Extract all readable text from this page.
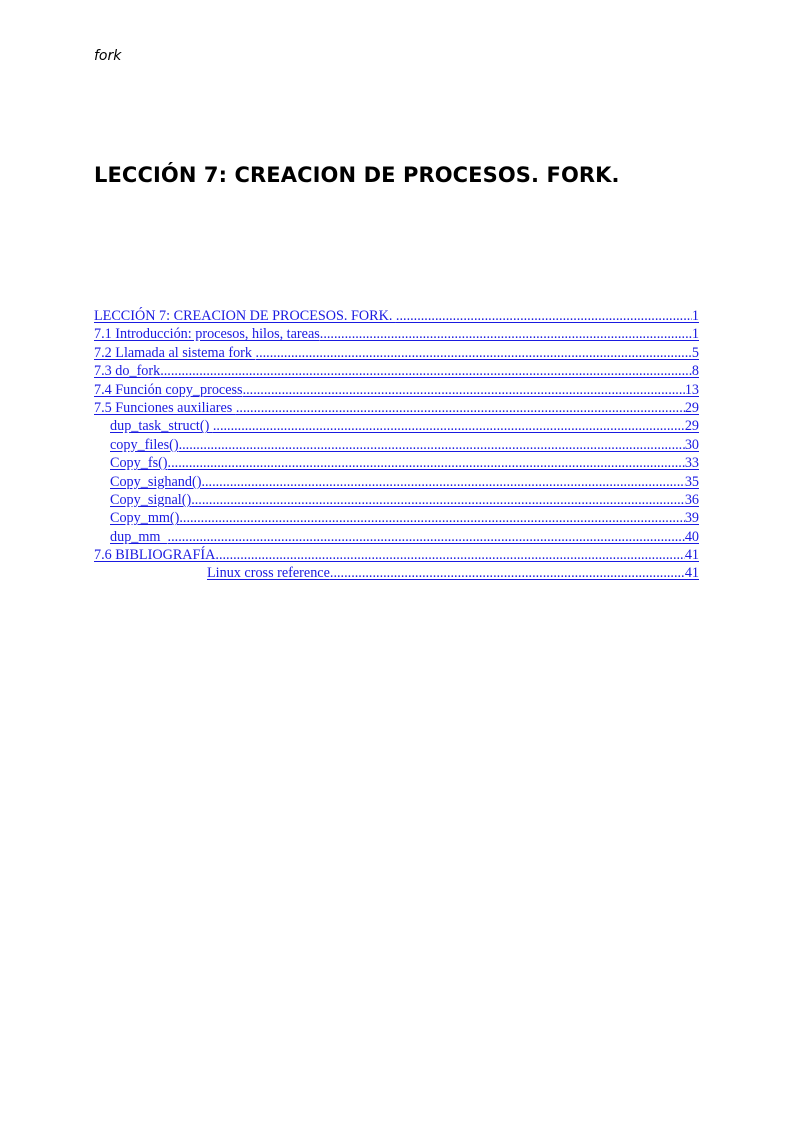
fork
LECCIÓN 7: CREACION DE PROCESOS. FORK.
LECCIÓN 7: CREACION DE PROCESOS. FORK. .....	1
7.1 Introducción: procesos, hilos, tareas .....	1
7.2 Llamada al sistema fork .....	5
7.3 do_fork .....	8
7.4 Función copy_process .....	13
7.5 Funciones auxiliares .....	29
dup_task_struct() .....	29
copy_files() .....	30
Copy_fs() .....	33
Copy_sighand() .....	35
Copy_signal() .....	36
Copy_mm() .....	39
dup_mm .....	40
7.6 BIBLIOGRAFÍA .....	41
Linux cross reference .....	41
